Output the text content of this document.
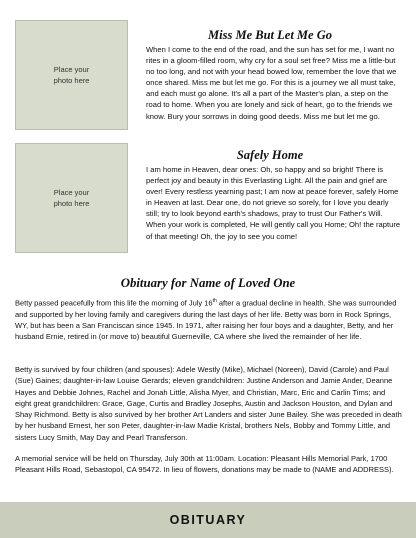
Place your
photo here
Miss Me But Let Me Go

When I come to the end of the road, and the sun has set for me, I want no rites in a gloom-filled room, why cry for a soul set free? Miss me a little-but no too long, and not with your head bowed low, remember the love that we once shared. Miss me but let me go. For this is a journey we all must take, and each must go alone. It's all a part of the Master's plan, a step on the road to home. When you are lonely and sick of heart, go to the friends we know. Bury your sorrows in doing good deeds. Miss me but let me go.

Place your
photo here
Safely Home

I am home in Heaven, dear ones: Oh, so happy and so bright! There is perfect joy and beauty in this Everlasting Light. All the pain and grief are over! Every restless yearning past; I am now at peace forever, safely Home in Heaven at last. Dear one, do not grieve so sorely, for I love you dearly still; try to look beyond earth's shadows, pray to trust Our Father's Will. When your work is completed, He will gently call you Home; Oh! the rapture of that meeting! Oh, the joy to see you come!

Obituary for Name of Loved One

Betty passed peacefully from this life the morning of July 16th after a gradual decline in health. She was surrounded and supported by her loving family and caregivers during the last days of her life. Betty was born in Rock Springs, WY, but has been a San Franciscan since 1945. In 1971, after raising her four boys and a daughter, Betty, and her husband Ernie, retired in (or move to) beautiful Guerneville, CA where she lived the remainder of her life.

Betty is survived by four children (and spouses): Adele Westly (Mike), Michael (Noreen), David (Carole) and Paul (Sue) Gaines; daughter-in-law Louise Gerards; eleven grandchildren: Justine Anderson and Jamie Ander, Deanne Hayes and Debbie Johnes, Rachel and Jonah Little, Alisha Myer, and Christian, Marc, Eric and Carlin Tims; and eight great grandchildren: Grace, Gage, Curtis and Bradley Josephs, Austin and Jackson Houston, and Dylan and Shay Richmond. Betty is also survived by her brother Art Landers and sister June Bailey. She was preceded in death by her husband Ernest, her son Peter, daughter-in-law Madie Kristal, brothers Nels, Bobby and Tommy Little, and sisters Lucy Smith, May Day and Pearl Transferson.

A memorial service will be held on Thursday, July 30th at 11:00am. Location: Pleasant Hills Memorial Park, 1700 Pleasant Hills Road, Sebastopol, CA 95472. In lieu of flowers, donations may be made to (NAME and ADDRESS).

OBITUARY
